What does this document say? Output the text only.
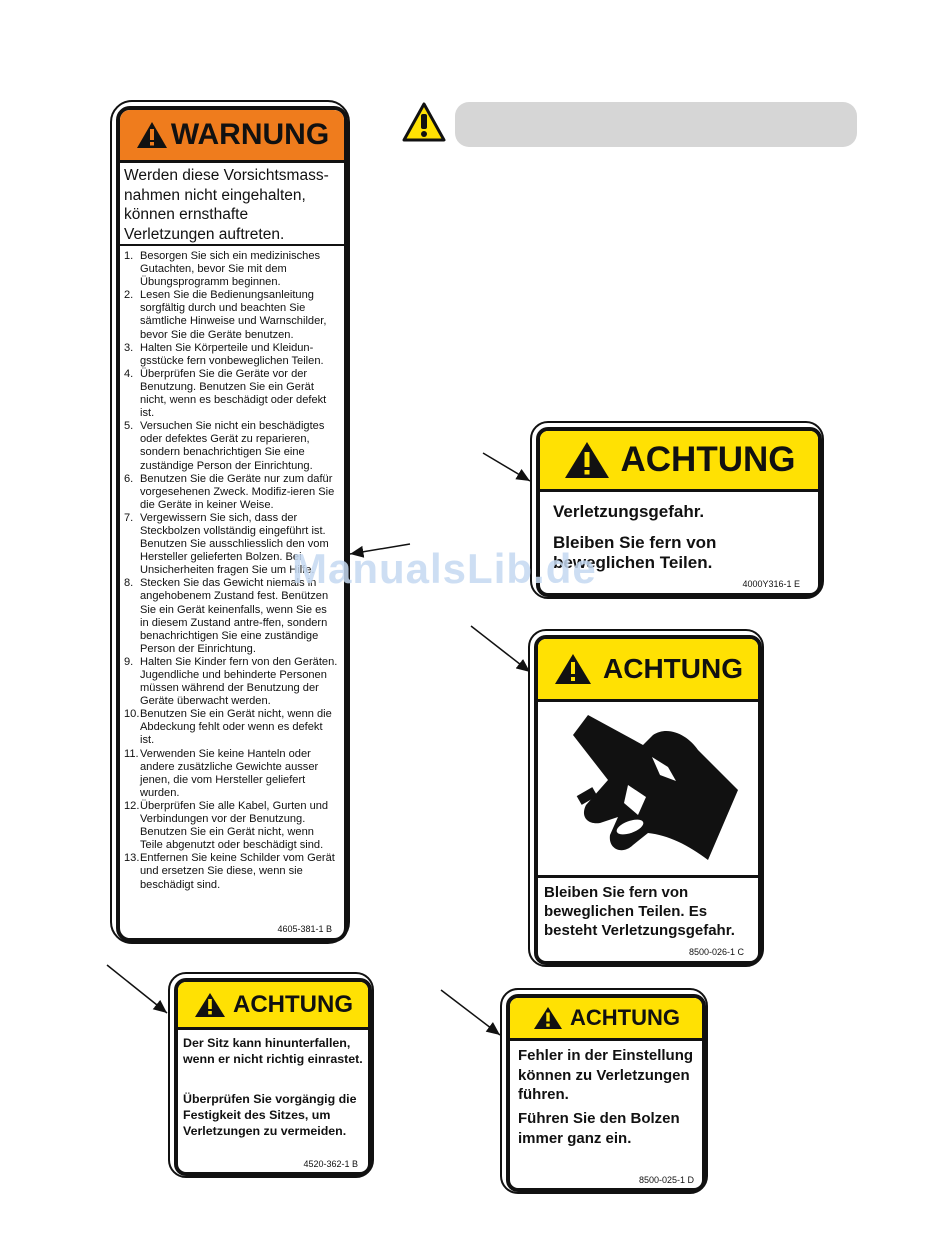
WARNUNG
Werden diese Vorsichtsmass-nahmen nicht eingehalten, können ernsthafte Verletzungen auftreten.
1. Besorgen Sie sich ein medizinisches Gutachten, bevor Sie mit dem Übungsprogramm beginnen.
2. Lesen Sie die Bedienungsanleitung sorgfältig durch und beachten Sie sämtliche Hinweise und Warnschilder, bevor Sie die Geräte benutzen.
3. Halten Sie Körperteile und Kleidun-gsstücke fern vonbeweglichen Teilen.
4. Überprüfen Sie die Geräte vor der Benutzung. Benutzen Sie ein Gerät nicht, wenn es beschädigt oder defekt ist.
5. Versuchen Sie nicht ein beschädigtes oder defektes Gerät zu reparieren, sondern benachrichtigen Sie eine zuständige Person der Einrichtung.
6. Benutzen Sie die Geräte nur zum dafür vorgesehenen Zweck. Modifiz-ieren Sie die Geräte in keiner Weise.
7. Vergewissern Sie sich, dass der Steckbolzen vollständig eingeführt ist. Benutzen Sie ausschliesslich den vom Hersteller gelieferten Bolzen. Bei Unsicherheiten fragen Sie um Hilfe.
8. Stecken Sie das Gewicht niemals in angehobenem Zustand fest. Benützen Sie ein Gerät keinenfalls, wenn Sie es in diesem Zustand antre-ffen, sondern benachrichtigen Sie eine zuständige Person der Einrichtung.
9. Halten Sie Kinder fern von den Geräten. Jugendliche und behinderte Personen müssen während der Benutzung der Geräte überwacht werden.
10. Benutzen Sie ein Gerät nicht, wenn die Abdeckung fehlt oder wenn es defekt ist.
11. Verwenden Sie keine Hanteln oder andere zusätzliche Gewichte ausser jenen, die vom Hersteller geliefert wurden.
12. Überprüfen Sie alle Kabel, Gurten und Verbindungen vor der Benutzung. Benutzen Sie ein Gerät nicht, wenn Teile abgenutzt oder beschädigt sind.
13. Entfernen Sie keine Schilder vom Gerät und ersetzen Sie diese, wenn sie beschädigt sind.
4605-381-1 B
ACHTUNG
Verletzungsgefahr.
Bleiben Sie fern von beweglichen Teilen.
4000Y316-1 E
ACHTUNG
Bleiben Sie fern von beweglichen Teilen. Es besteht Verletzungsgefahr.
8500-026-1 C
ACHTUNG
Der Sitz kann hinunterfallen, wenn er nicht richtig einrastet.
Überprüfen Sie vorgängig die Festigkeit des Sitzes, um Verletzungen zu vermeiden.
4520-362-1 B
ACHTUNG
Fehler in der Einstellung können zu Verletzungen führen.
Führen Sie den Bolzen immer ganz ein.
8500-025-1 D
ManualsLib.de
